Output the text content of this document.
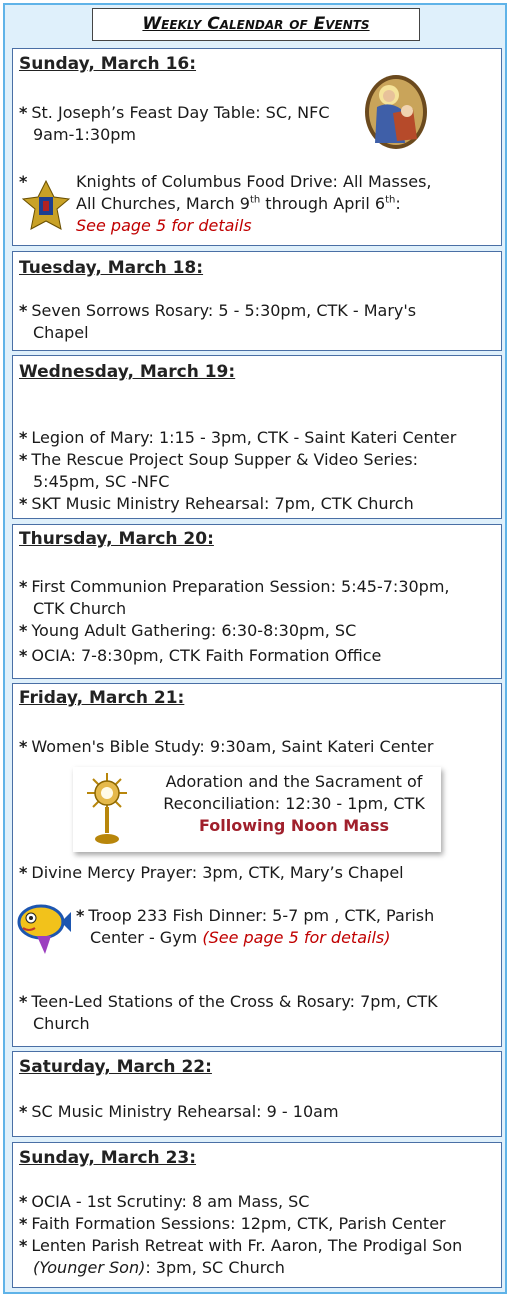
Weekly Calendar of Events
Sunday, March 16:
* St. Joseph’s Feast Day Table: SC, NFC
9am-1:30pm
*	Knights of Columbus Food Drive: All Masses,
All Churches, March 9th through April 6th:
See page 5 for details
Tuesday, March 18:
* Seven Sorrows Rosary: 5 - 5:30pm, CTK - Mary's
Chapel
Wednesday, March 19:
* Legion of Mary: 1:15 - 3pm, CTK - Saint Kateri Center
* The Rescue Project Soup Supper & Video Series:
5:45pm, SC -NFC
* SKT Music Ministry Rehearsal: 7pm, CTK Church
Thursday, March 20:
* First Communion Preparation Session: 5:45-7:30pm,
CTK Church
* Young Adult Gathering: 6:30-8:30pm, SC
* OCIA: 7-8:30pm, CTK Faith Formation Office
Friday, March 21:
* Women's Bible Study: 9:30am, Saint Kateri Center
Adoration and the Sacrament of
Reconciliation: 12:30 - 1pm, CTK
Following Noon Mass
* Divine Mercy Prayer: 3pm, CTK, Mary’s Chapel
* Troop 233 Fish Dinner: 5-7 pm , CTK, Parish
Center - Gym (See page 5 for details)
* Teen-Led Stations of the Cross & Rosary: 7pm, CTK
Church
Saturday, March 22:
* SC Music Ministry Rehearsal: 9 - 10am
Sunday, March 23:
* OCIA - 1st Scrutiny: 8 am Mass, SC
* Faith Formation Sessions: 12pm, CTK, Parish Center
* Lenten Parish Retreat with Fr. Aaron, The Prodigal Son
(Younger Son): 3pm, SC Church
